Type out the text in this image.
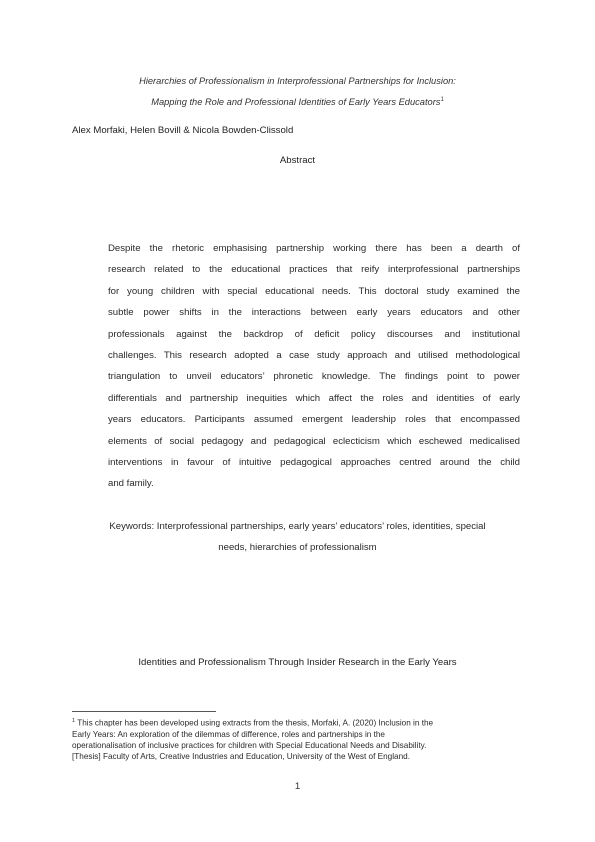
Hierarchies of Professionalism in Interprofessional Partnerships for Inclusion:
Mapping the Role and Professional Identities of Early Years Educators$^1$
Alex Morfaki, Helen Bovill & Nicola Bowden-Clissold
Abstract
Despite the rhetoric emphasising partnership working there has been a dearth of
research related to the educational practices that reify interprofessional partnerships
for young children with special educational needs. This doctoral study examined the
subtle power shifts in the interactions between early years educators and other
professionals against the backdrop of deficit policy discourses and institutional
challenges. This research adopted a case study approach and utilised methodological
triangulation to unveil educators’ phronetic knowledge. The findings point to power
differentials and partnership inequities which affect the roles and identities of early
years educators. Participants assumed emergent leadership roles that encompassed
elements of social pedagogy and pedagogical eclecticism which eschewed medicalised
interventions in favour of intuitive pedagogical approaches centred around the child
and family.
Keywords: Interprofessional partnerships, early years’ educators’ roles, identities, special
needs, hierarchies of professionalism
Identities and Professionalism Through Insider Research in the Early Years
$^1$ This chapter has been developed using extracts from the thesis, Morfaki, A. (2020) Inclusion in the
Early Years: An exploration of the dilemmas of difference, roles and partnerships in the
operationalisation of inclusive practices for children with Special Educational Needs and Disability.
[Thesis] Faculty of Arts, Creative Industries and Education, University of the West of England.
1
